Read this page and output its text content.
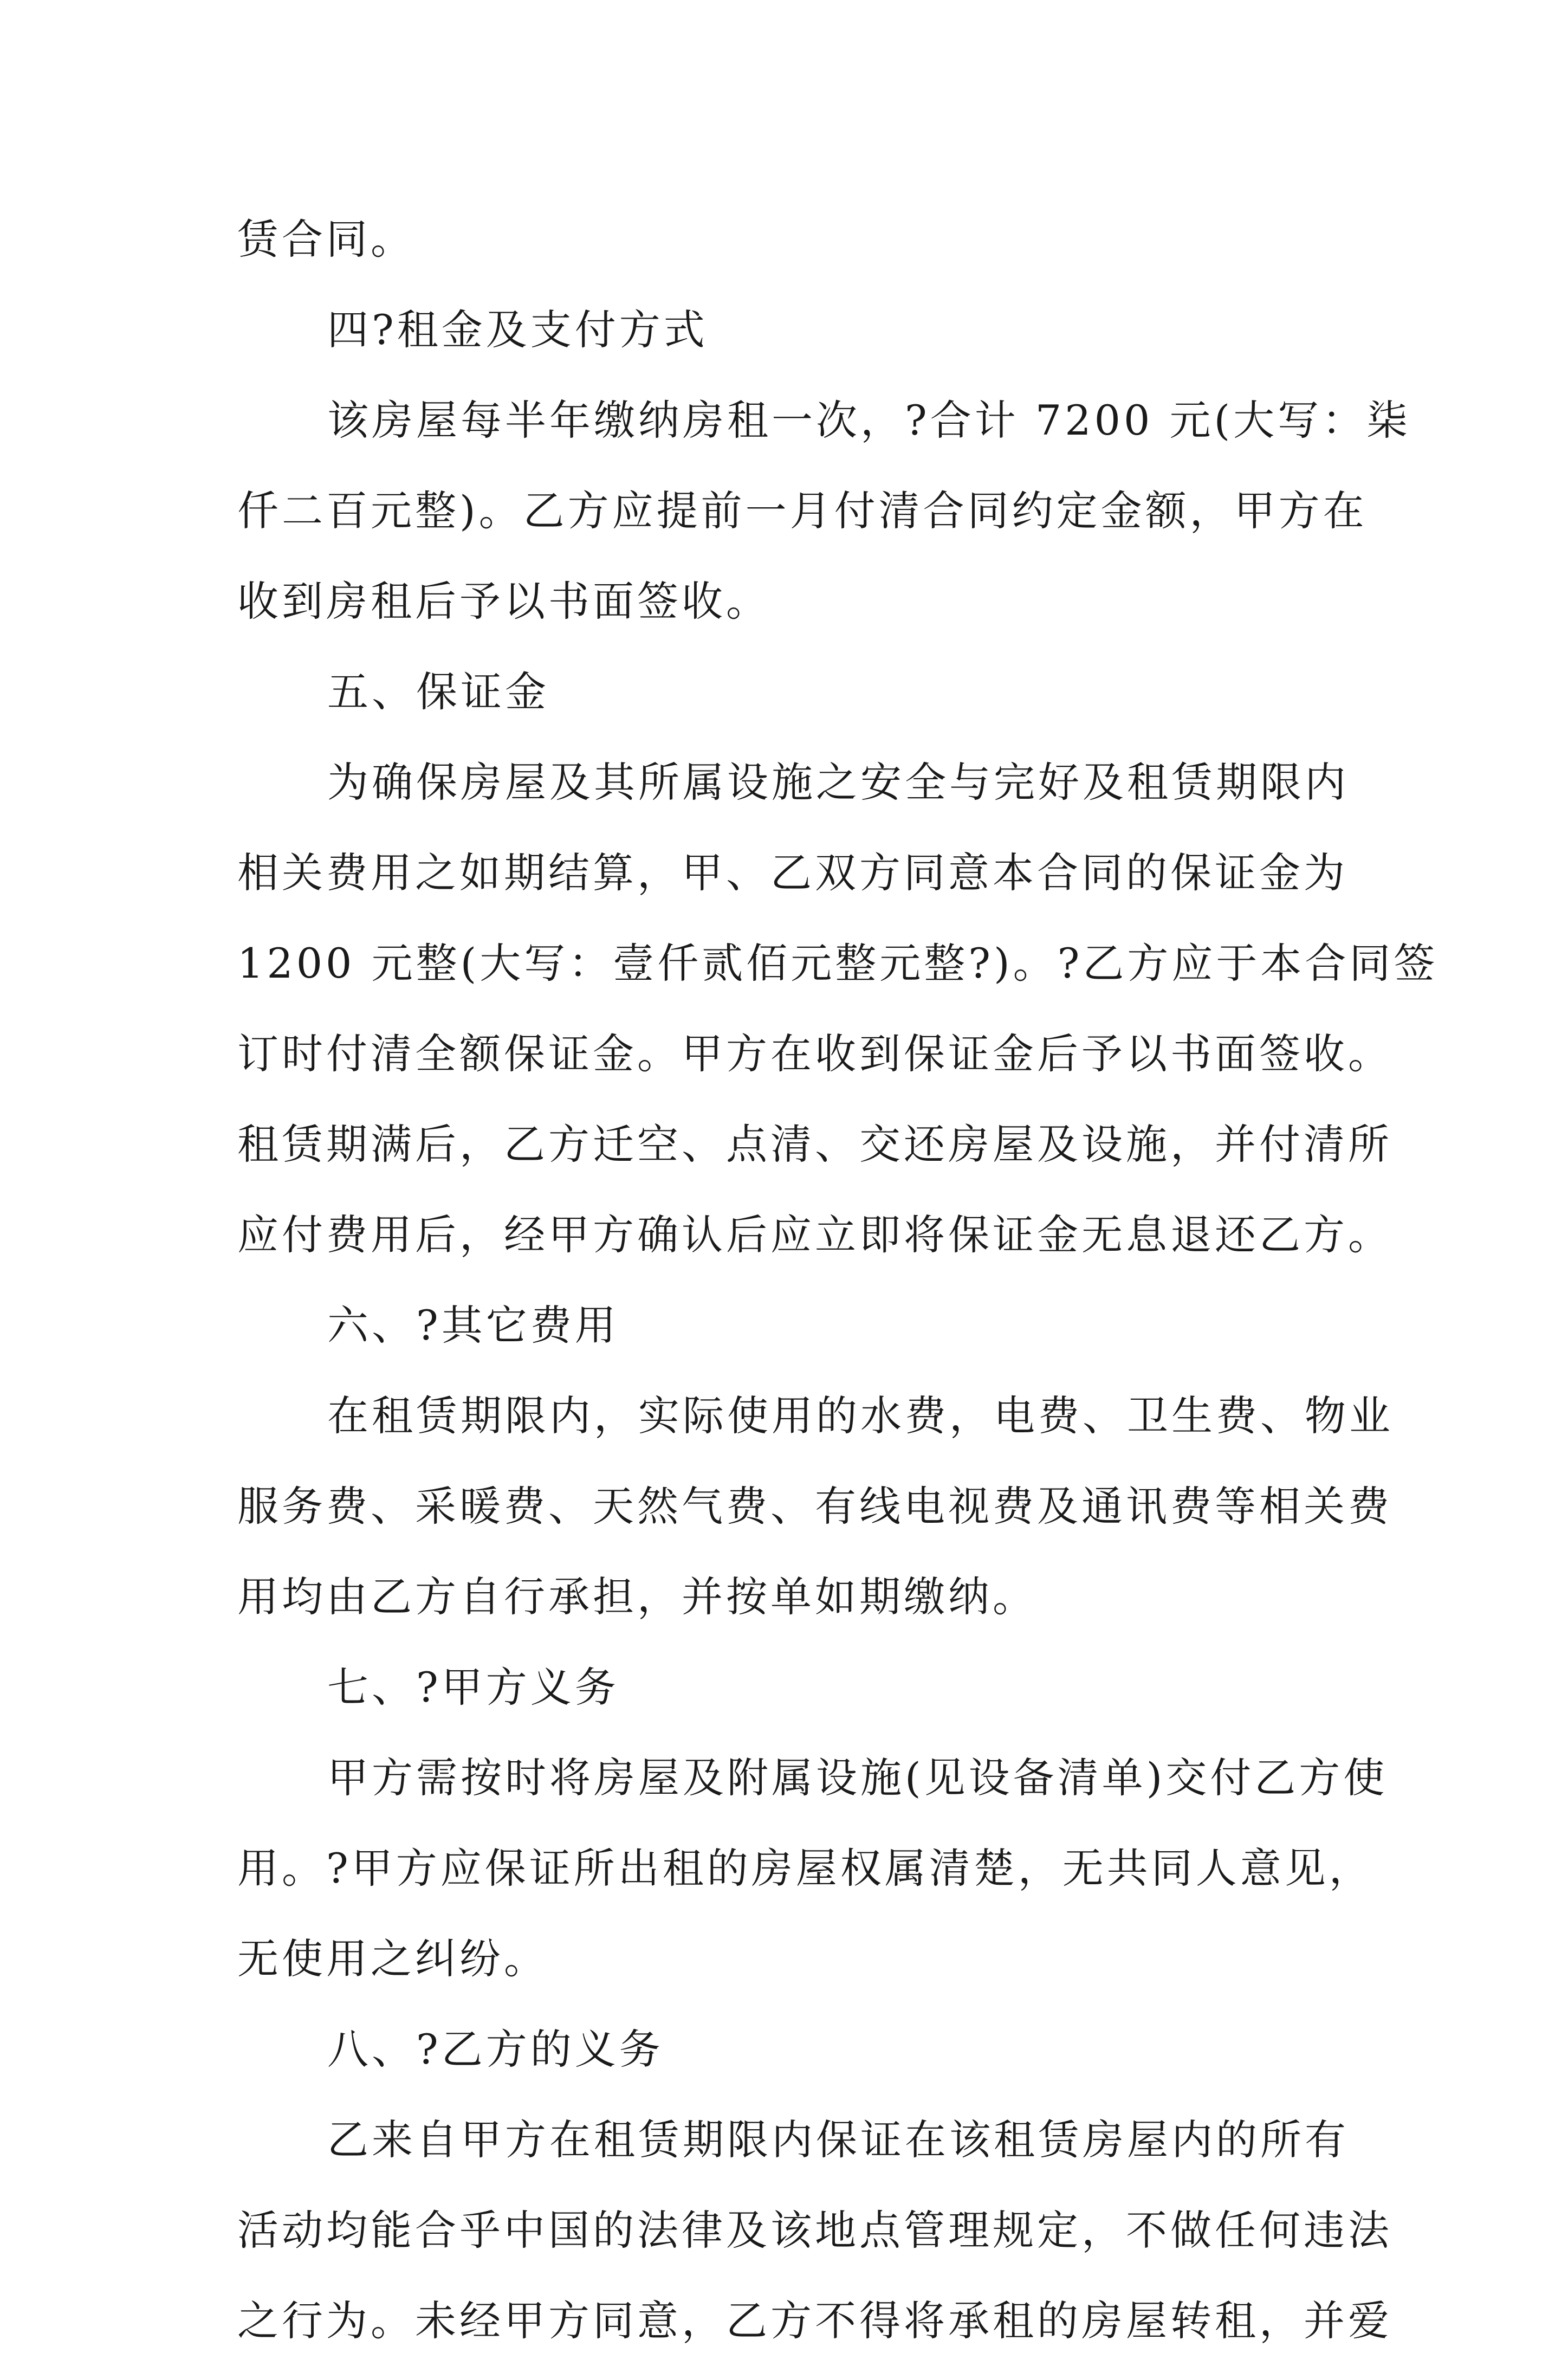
赁合同。
四?租金及支付方式
该房屋每半年缴纳房租一次，?合计 7200 元(大写：柒
仟二百元整)。乙方应提前一月付清合同约定金额，甲方在
收到房租后予以书面签收。
五、保证金
为确保房屋及其所属设施之安全与完好及租赁期限内
相关费用之如期结算，甲、乙双方同意本合同的保证金为
1200 元整(大写：壹仟贰佰元整元整?)。?乙方应于本合同签
订时付清全额保证金。甲方在收到保证金后予以书面签收。
租赁期满后，乙方迁空、点清、交还房屋及设施，并付清所
应付费用后，经甲方确认后应立即将保证金无息退还乙方。
六、?其它费用
在租赁期限内，实际使用的水费，电费、卫生费、物业
服务费、采暖费、天然气费、有线电视费及通讯费等相关费
用均由乙方自行承担，并按单如期缴纳。
七、?甲方义务
甲方需按时将房屋及附属设施(见设备清单)交付乙方使
用。?甲方应保证所出租的房屋权属清楚，无共同人意见，
无使用之纠纷。
八、?乙方的义务
乙来自甲方在租赁期限内保证在该租赁房屋内的所有
活动均能合乎中国的法律及该地点管理规定，不做任何违法
之行为。未经甲方同意，乙方不得将承租的房屋转租，并爱
